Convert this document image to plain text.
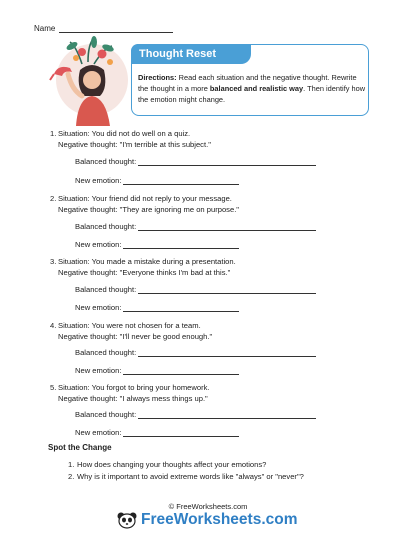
Name
Thought Reset
Directions: Read each situation and the negative thought. Rewrite the thought in a more balanced and realistic way. Then identify how the emotion might change.
1. Situation: You did not do well on a quiz.
Negative thought: "I'm terrible at this subject."
Balanced thought:
New emotion:
2. Situation: Your friend did not reply to your message.
Negative thought: "They are ignoring me on purpose."
Balanced thought:
New emotion:
3. Situation: You made a mistake during a presentation.
Negative thought: "Everyone thinks I'm bad at this."
Balanced thought:
New emotion:
4. Situation: You were not chosen for a team.
Negative thought: "I'll never be good enough."
Balanced thought:
New emotion:
5. Situation: You forgot to bring your homework.
Negative thought: "I always mess things up."
Balanced thought:
New emotion:
Spot the Change
1. How does changing your thoughts affect your emotions?
2. Why is it important to avoid extreme words like "always" or "never"?
© FreeWorksheets.com
FreeWorksheets.com
